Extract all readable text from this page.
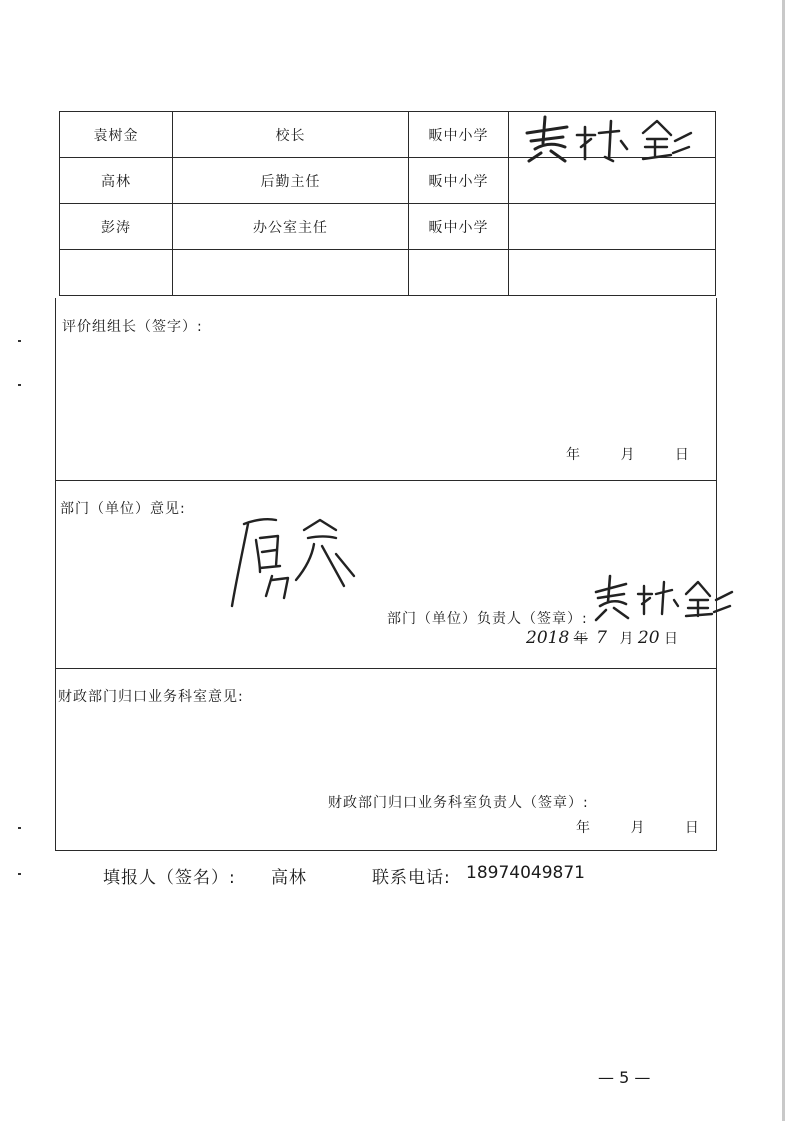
袁树金	校长	畈中小学	
高林	后勤主任	畈中小学	
彭涛	办公室主任	畈中小学	

评价组组长（签字）:
年	月	日
部门（单位）意见:
部门（单位）负责人（签章）:
2018 年 7 月 20 日
财政部门归口业务科室意见:
财政部门归口业务科室负责人（签章）:
年	月	日
填报人（签名）: 高林	联系电话: 18974049871
— 5 —
